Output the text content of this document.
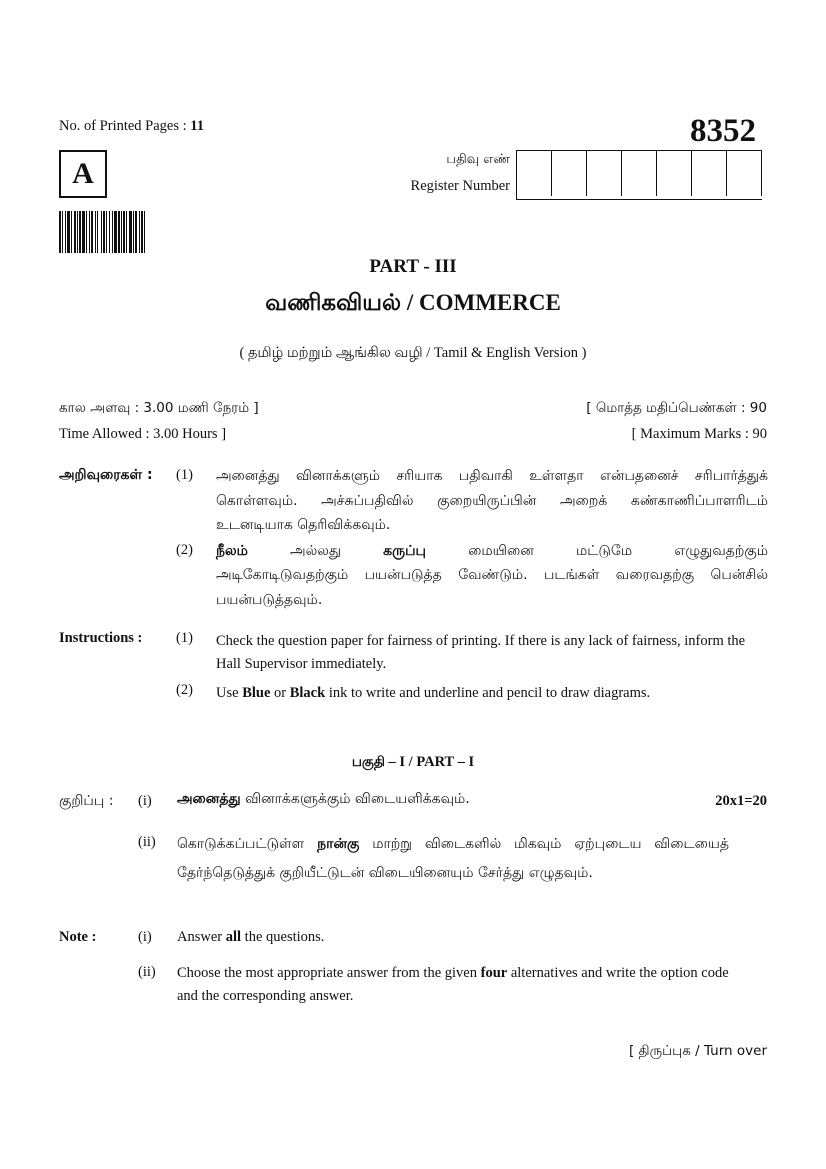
No. of Printed Pages : 11	8352
A	பதிவு எண்
Register Number
PART - III
வணிகவியல் / COMMERCE
( தமிழ் மற்றும் ஆங்கில வழி / Tamil & English Version )
கால அளவு : 3.00 மணி நேரம் ]
Time Allowed : 3.00 Hours ]
[ மொத்த மதிப்பெண்கள் : 90
[ Maximum Marks : 90
அறிவுரைகள் : (1) அனைத்து வினாக்களும் சரியாக பதிவாகி உள்ளதா என்பதனைச் சரிபார்த்துக் கொள்ளவும். அச்சுப்பதிவில் குறையிருப்பின் அறைக் கண்காணிப்பாளரிடம் உடனடியாக தெரிவிக்கவும்.
(2) நீலம் அல்லது கருப்பு மையினை மட்டுமே எழுதுவதற்கும்
அடிகோடிடுவதற்கும் பயன்படுத்த வேண்டும். படங்கள் வரைவதற்கு பென்சில் பயன்படுத்தவும்.
Instructions : (1) Check the question paper for fairness of printing. If there is any lack of fairness, inform the Hall Supervisor immediately.
(2) Use Blue or Black ink to write and underline and pencil to draw diagrams.
பகுதி – I / PART – I
குறிப்பு : (i) அனைத்து வினாக்களுக்கும் விடையளிக்கவும்.	20x1=20
(ii) கொடுக்கப்பட்டுள்ள நான்கு மாற்று விடைகளில் மிகவும் ஏற்புடைய விடையைத் தேர்ந்தெடுத்துக் குறியீட்டுடன் விடையினையும் சேர்த்து எழுதவும்.
Note :	(i) Answer all the questions.
(ii) Choose the most appropriate answer from the given four alternatives and write the option code and the corresponding answer.
[ திருப்புக / Turn over
